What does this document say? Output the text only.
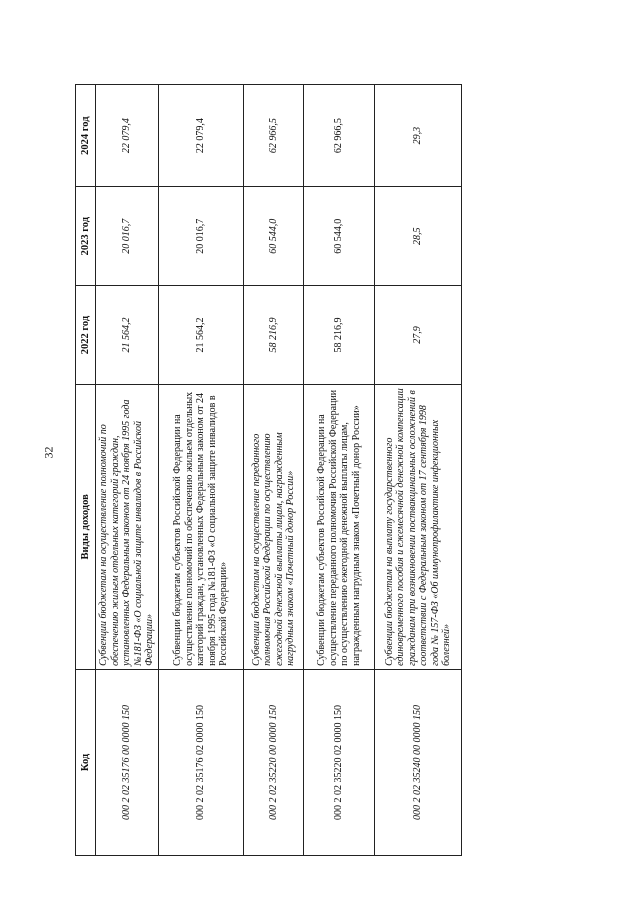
32
Код	Виды доходов	2022 год	2023 год	2024 год
000 2 02 35176 00 0000 150	Субвенции бюджетам на осуществление полномочий по обеспечению жильем отдельных категорий граждан, установленных Федеральным законом от 24 ноября 1995 года №181-ФЗ «О социальной защите инвалидов в Российской Федерации»	21 564,2	20 016,7	22 079,4
000 2 02 35176 02 0000 150	Субвенции бюджетам субъектов Российской Федерации на осуществление полномочий по обеспечению жильем отдельных категорий граждан, установленных Федеральным законом от 24 ноября 1995 года №181-ФЗ «О социальной защите инвалидов в Российской Федерации»	21 564,2	20 016,7	22 079,4
000 2 02 35220 00 0000 150	Субвенции бюджетам на осуществление переданного полномочия Российской Федерации по осуществлению ежегодной денежной выплаты лицам, награжденным нагрудным знаком «Почетный донор России»	58 216,9	60 544,0	62 966,5
000 2 02 35220 02 0000 150	Субвенции бюджетам субъектов Российской Федерации на осуществление переданного полномочия Российской Федерации по осуществлению ежегодной денежной выплаты лицам, награжденным нагрудным знаком «Почетный донор России»	58 216,9	60 544,0	62 966,5
000 2 02 35240 00 0000 150	Субвенции бюджетам на выплату государственного единовременного пособия и ежемесячной денежной компенсации гражданам при возникновении поствакцинальных осложнений в соответствии с Федеральным законом от 17 сентября 1998 года № 157-ФЗ «Об иммунопрофилактике инфекционных болезней»	27,9	28,5	29,3
